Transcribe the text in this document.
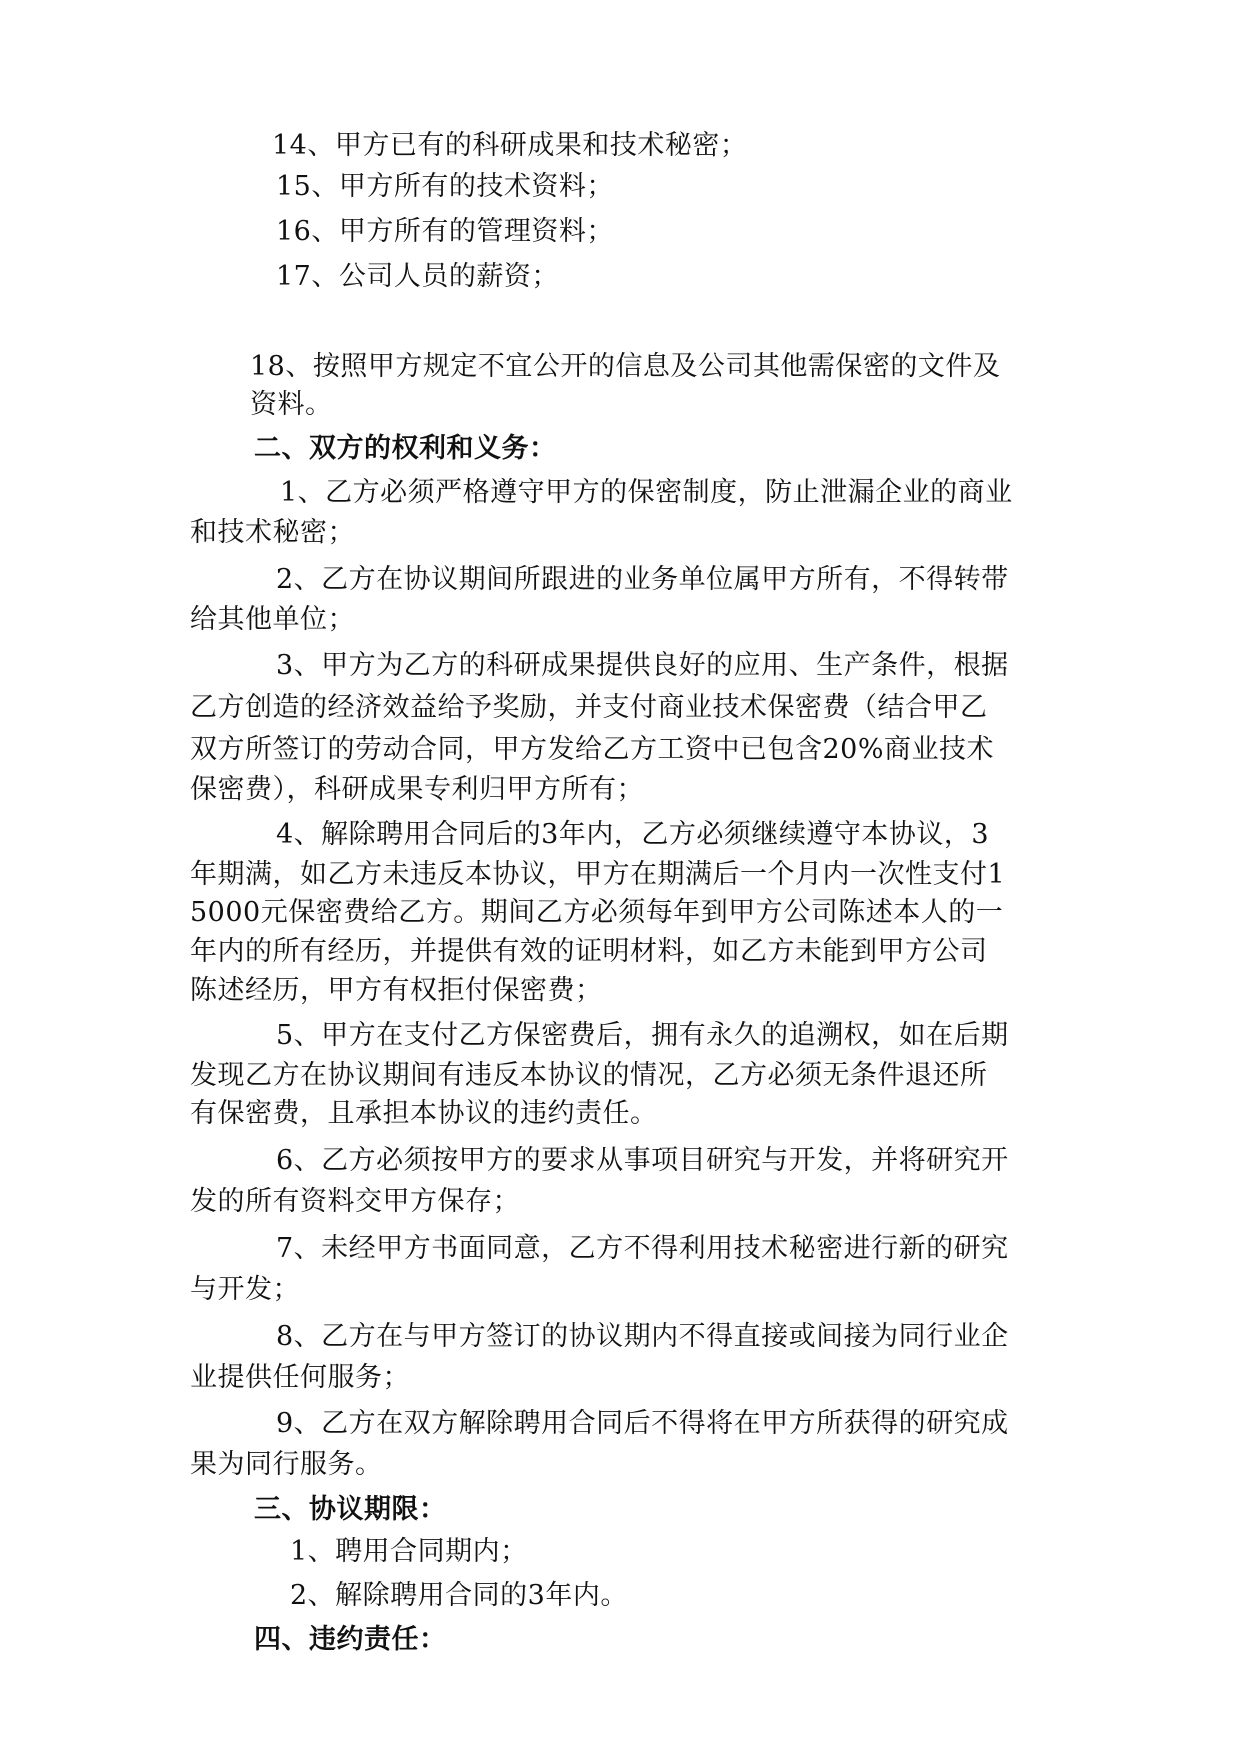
14、甲方已有的科研成果和技术秘密；
15、甲方所有的技术资料；
16、甲方所有的管理资料；
17、公司人员的薪资；
18、按照甲方规定不宜公开的信息及公司其他需保密的文件及
资料。
二、双方的权利和义务：
1、乙方必须严格遵守甲方的保密制度，防止泄漏企业的商业
和技术秘密；
2、乙方在协议期间所跟进的业务单位属甲方所有，不得转带
给其他单位；
3、甲方为乙方的科研成果提供良好的应用、生产条件，根据
乙方创造的经济效益给予奖励，并支付商业技术保密费（结合甲乙
双方所签订的劳动合同，甲方发给乙方工资中已包含20%商业技术
保密费），科研成果专利归甲方所有；
4、解除聘用合同后的3年内，乙方必须继续遵守本协议，3
年期满，如乙方未违反本协议，甲方在期满后一个月内一次性支付1
5000元保密费给乙方。期间乙方必须每年到甲方公司陈述本人的一
年内的所有经历，并提供有效的证明材料，如乙方未能到甲方公司
陈述经历，甲方有权拒付保密费；
5、甲方在支付乙方保密费后，拥有永久的追溯权，如在后期
发现乙方在协议期间有违反本协议的情况，乙方必须无条件退还所
有保密费，且承担本协议的违约责任。
6、乙方必须按甲方的要求从事项目研究与开发，并将研究开
发的所有资料交甲方保存；
7、未经甲方书面同意，乙方不得利用技术秘密进行新的研究
与开发；
8、乙方在与甲方签订的协议期内不得直接或间接为同行业企
业提供任何服务；
9、乙方在双方解除聘用合同后不得将在甲方所获得的研究成
果为同行服务。
三、协议期限：
1、聘用合同期内；
2、解除聘用合同的3年内。
四、违约责任：
